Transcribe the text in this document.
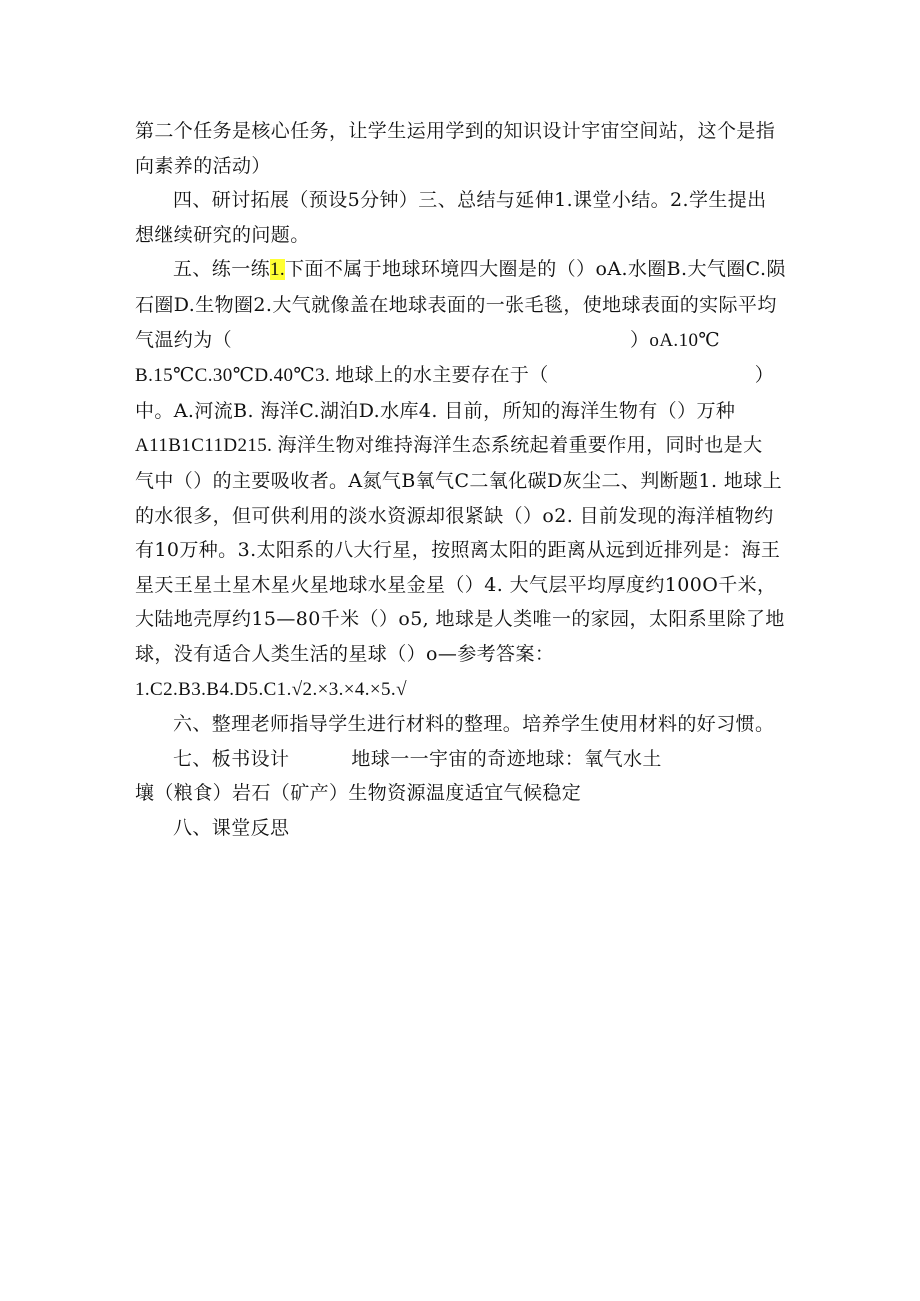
第二个任务是核心任务，让学生运用学到的知识设计宇宙空间站，这个是指
向素养的活动）

四、研讨拓展（预设5分钟）三、总结与延伸1.课堂小结。2.学生提出
想继续研究的问题。

五、练一练1.下面不属于地球环境四大圈是的（）oA.水圈B.大气圈C.陨
石圈D.生物圈2.大气就像盖在地球表面的一张毛毯，使地球表面的实际平均
气温约为（	）oA.10℃
B.15℃C.30℃D.40℃3. 地球上的水主要存在于（	）
中。A.河流B. 海洋C.湖泊D.水库4. 目前，所知的海洋生物有（）万种
A11B1C11D215. 海洋生物对维持海洋生态系统起着重要作用，同时也是大
气中（）的主要吸收者。A氮气B氧气C二氧化碳D灰尘二、判断题1. 地球上
的水很多，但可供利用的淡水资源却很紧缺（）o2. 目前发现的海洋植物约
有10万种。3.太阳系的八大行星，按照离太阳的距离从远到近排列是：海王
星天王星土星木星火星地球水星金星（）4. 大气层平均厚度约100O千米，
大陆地壳厚约15—80千米（）o5, 地球是人类唯一的家园，太阳系里除了地
球，没有适合人类生活的星球（）o—参考答案：
1.C2.B3.B4.D5.C1.√2.×3.×4.×5.√

六、整理老师指导学生进行材料的整理。培养学生使用材料的好习惯。

七、板书设计	地球一一宇宙的奇迹地球：氧气水土
壤（粮食）岩石（矿产）生物资源温度适宜气候稳定

八、课堂反思
